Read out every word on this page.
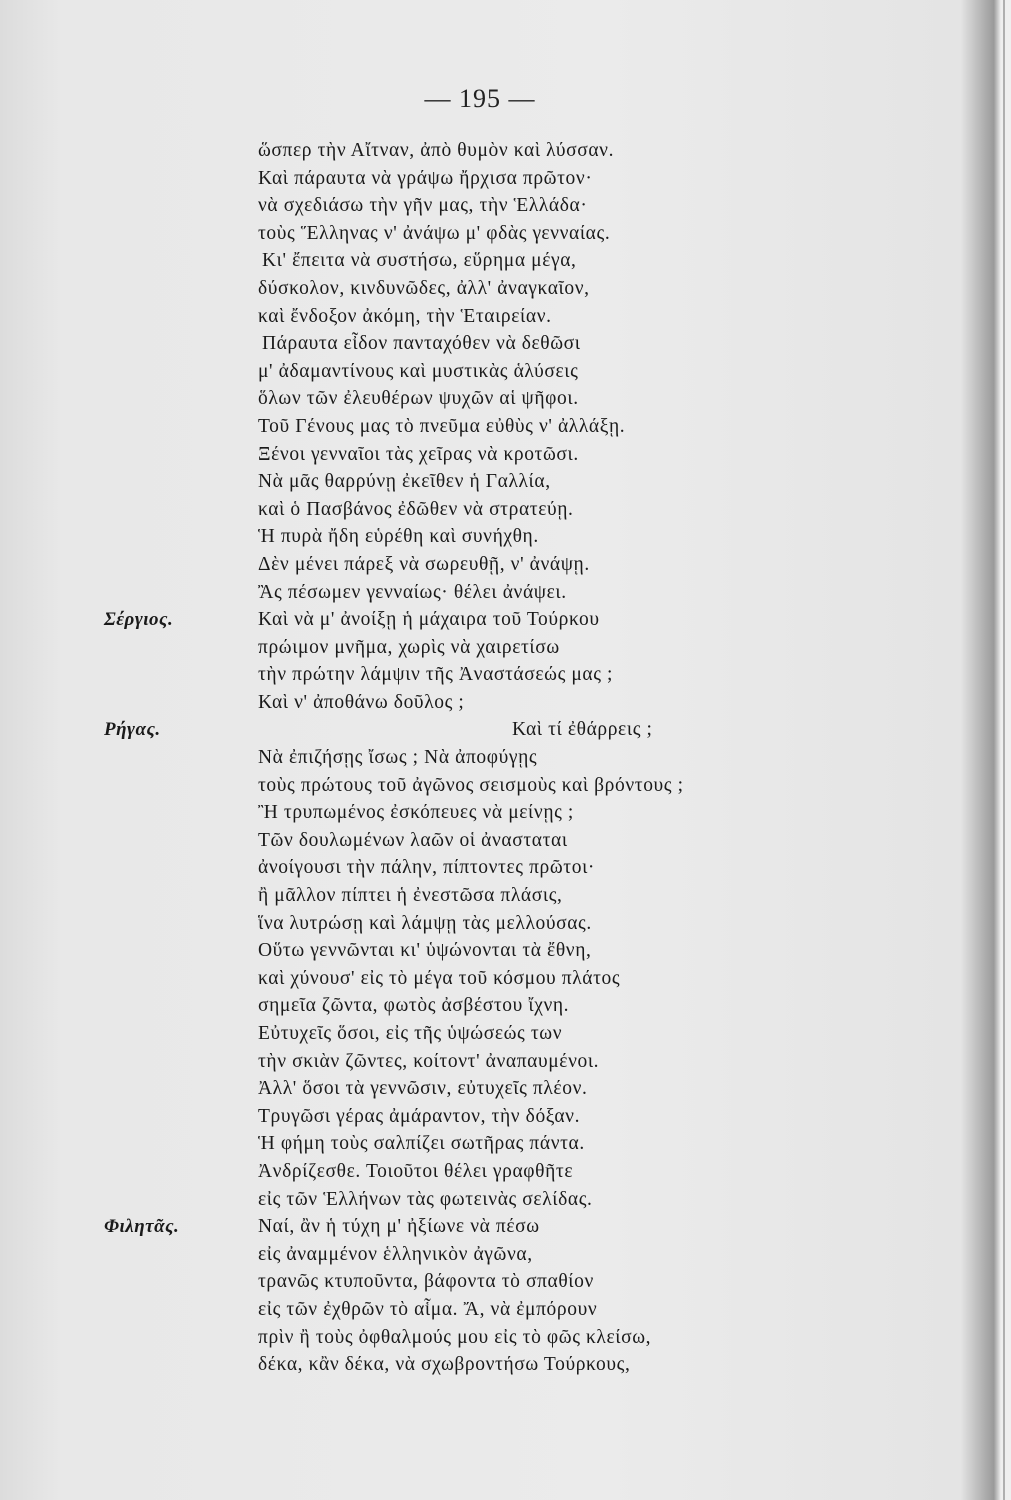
— 195 —
ὥσπερ τὴν Αἴτναν, ἀπὸ θυμὸν καὶ λύσσαν.
Καὶ πάραυτα νὰ γράψω ἤρχισα πρῶτον·
νὰ σχεδιάσω τὴν γῆν μας, τὴν Ἑλλάδα·
τοὺς Ἕλληνας ν' ἀνάψω μ' φδὰς γενναίας.
Κι' ἔπειτα νὰ συστήσω, εὕρημα μέγα,
δύσκολον, κινδυνῶδες, ἀλλ' ἀναγκαῖον,
καὶ ἔνδοξον ἀκόμη, τὴν Ἑταιρείαν.
Πάραυτα εἶδον πανταχόθεν νὰ δεθῶσι
μ' ἀδαμαντίνους καὶ μυστικὰς ἁλύσεις
ὅλων τῶν ἐλευθέρων ψυχῶν αἱ ψῆφοι.
Τοῦ Γένους μας τὸ πνεῦμα εὐθὺς ν' ἀλλάξῃ.
Ξένοι γενναῖοι τὰς χεῖρας νὰ κροτῶσι.
Νὰ μᾶς θαρρύνῃ ἐκεῖθεν ἡ Γαλλία,
καὶ ὁ Πασβάνος ἐδῶθεν νὰ στρατεύῃ.
Ἡ πυρὰ ἤδη εὑρέθη καὶ συνήχθη.
Δὲν μένει πάρεξ νὰ σωρευθῇ, ν' ἀνάψῃ.
Ἂς πέσωμεν γενναίως· θέλει ἀνάψει.
Σέργιος.	Καὶ νὰ μ' ἀνοίξῃ ἡ μάχαιρα τοῦ Τούρκου
πρώιμον μνῆμα, χωρὶς νὰ χαιρετίσω
τὴν πρώτην λάμψιν τῆς Ἀναστάσεώς μας ;
Καὶ ν' ἀποθάνω δοῦλος ;
Ρήγας.	Καὶ τί ἐθάρρεις ;
Νὰ ἐπιζήσῃς ἴσως ; Νὰ ἀποφύγῃς
τοὺς πρώτους τοῦ ἀγῶνος σεισμοὺς καὶ βρόντους ;
Ἢ τρυπωμένος ἐσκόπευες νὰ μείνῃς ;
Τῶν δουλωμένων λαῶν οἱ ἀνασταται
ἀνοίγουσι τὴν πάλην, πίπτοντες πρῶτοι·
ἢ μᾶλλον πίπτει ἡ ἐνεστῶσα πλάσις,
ἵνα λυτρώσῃ καὶ λάμψῃ τὰς μελλούσας.
Οὕτω γεννῶνται κι' ὑψώνονται τὰ ἔθνη,
καὶ χύνουσ' εἰς τὸ μέγα τοῦ κόσμου πλάτος
σημεῖα ζῶντα, φωτὸς ἀσβέστου ἴχνη.
Εὐτυχεῖς ὅσοι, εἰς τῆς ὑψώσεώς των
τὴν σκιὰν ζῶντες, κοίτοντ' ἀναπαυμένοι.
Ἀλλ' ὅσοι τὰ γεννῶσιν, εὐτυχεῖς πλέον.
Τρυγῶσι γέρας ἀμάραντον, τὴν δόξαν.
Ἡ φήμη τοὺς σαλπίζει σωτῆρας πάντα.
Ἀνδρίζεσθε. Τοιοῦτοι θέλει γραφθῆτε
εἰς τῶν Ἑλλήνων τὰς φωτεινὰς σελίδας.
Φιλητᾶς.	Ναί, ἂν ἡ τύχη μ' ἠξίωνε νὰ πέσω
εἰς ἀναμμένον ἑλληνικὸν ἀγῶνα,
τρανῶς κτυποῦντα, βάφοντα τὸ σπαθίον
εἰς τῶν ἐχθρῶν τὸ αἷμα. Ἄ, νὰ ἐμπόρουν
πρὶν ἢ τοὺς ὀφθαλμούς μου εἰς τὸ φῶς κλείσω,
δέκα, κἂν δέκα, νὰ σχωβροντήσω Τούρκους,
